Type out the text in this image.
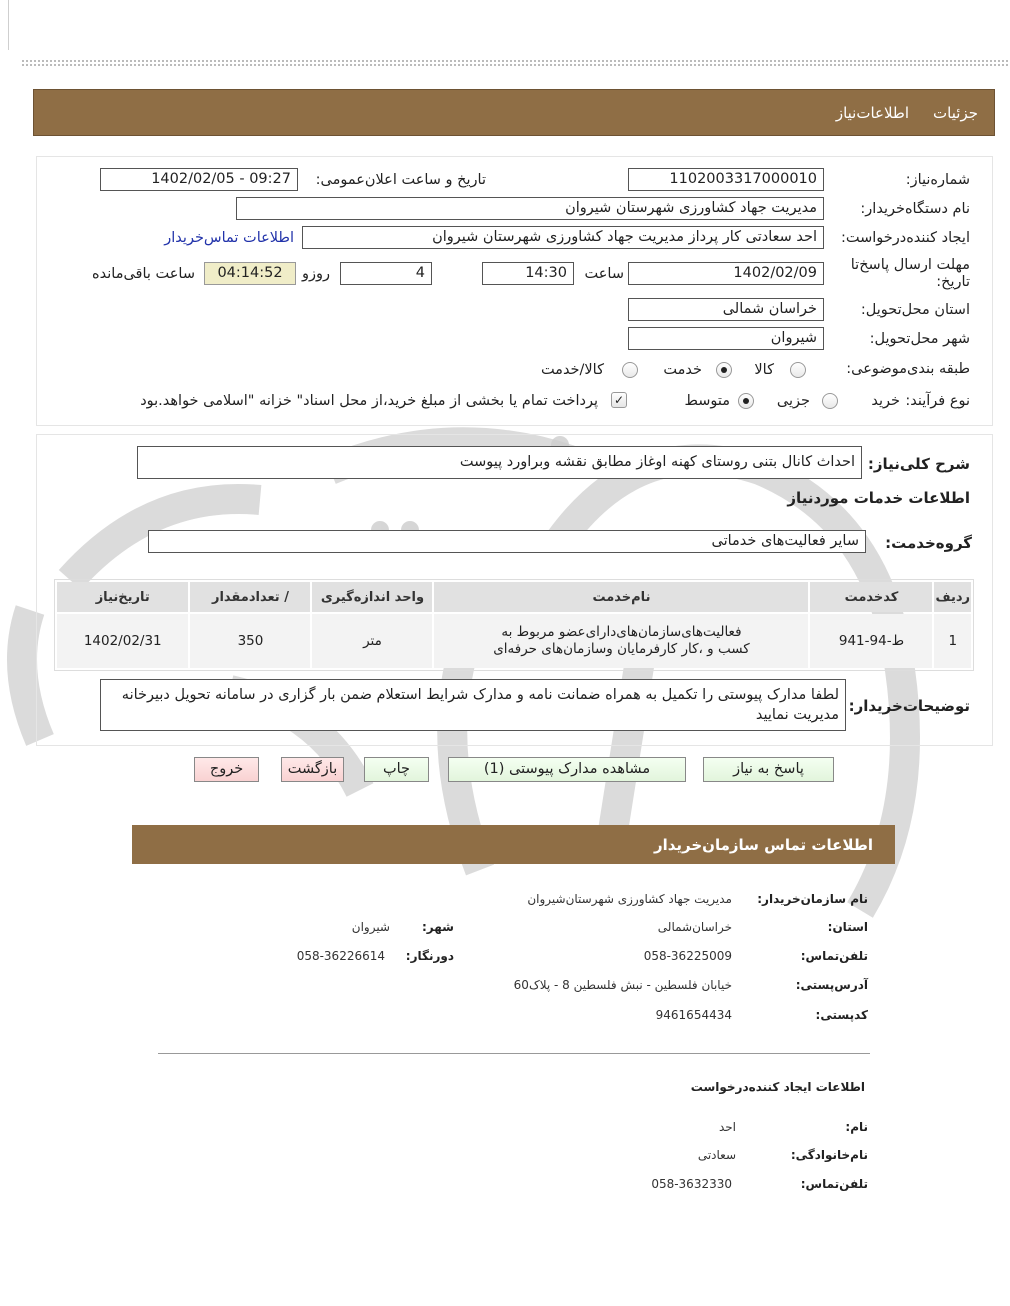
جزئیات
اطلاعات‌نیاز
شماره‌نیاز:
1102003317000010
تاریخ و ساعت اعلان‌عمومی:
1402/02/05 - 09:27
نام دستگاه‌خریدار:
مدیریت جهاد کشاورزی شهرستان شیروان
ایجاد کننده‌درخواست:
احد سعادتی کار پرداز مدیریت جهاد کشاورزی شهرستان شیروان
اطلاعات تماس‌خریدار
مهلت ارسال پاسخ‌تا تاریخ:
1402/02/09
ساعت
14:30
4
روزو
04:14:52
ساعت باقی‌مانده
استان محل‌تحویل:
خراسان شمالی
شهر محل‌تحویل:
شیروان
طبقه بندی‌موضوعی:
کالا
خدمت
کالا/خدمت
نوع فرآیند:
خرید
جزیی
متوسط
✓
پرداخت تمام یا بخشی از مبلغ خرید،از محل اسناد" خزانه "اسلامی خواهد.بود
شرح کلی‌نیاز:
احداث کانال بتنی روستای کهنه اوغاز مطابق نقشه وبراورد پیوست
اطلاعات خدمات موردنیاز
گروه‌خدمت:
سایر فعالیت‌های خدماتی
ردیف	کدخدمت	نام‌خدمت	واحد اندازه‌گیری	/ تعدادمقدار	تاریخ‌نیاز
1	ط-94-941	فعالیت‌های‌سازمان‌های‌دارای‌عضو مربوط به کسب و ،کار کارفرمایان وسازمان‌های حرفه‌ای	متر	350	1402/02/31
توضیحات‌خریدار:
لطفا مدارک پیوستی را تکمیل به همراه ضمانت نامه و مدارک شرایط استعلام ضمن بار گزاری در سامانه تحویل دبیرخانه مدیریت نمایید
پاسخ به نیاز
مشاهده مدارک پیوستی (1)
چاپ
بازگشت
خروج
اطلاعات تماس سازمان‌خریدار
نام سازمان‌خریدار:
مدیریت جهاد کشاورزی شهرستان‌شیروان
استان:
خراسان‌شمالی
شهر:
شیروان
تلفن‌تماس:
058-36225009
دورنگار:
058-36226614
آدرس‌پستی:
خیابان فلسطین - نبش فلسطین 8 - پلاک60
کدپستی:
9461654434
اطلاعات ایجاد کننده‌درخواست
نام:
احد
نام‌خانوادگی:
سعادتی
تلفن‌تماس:
058-3632330
